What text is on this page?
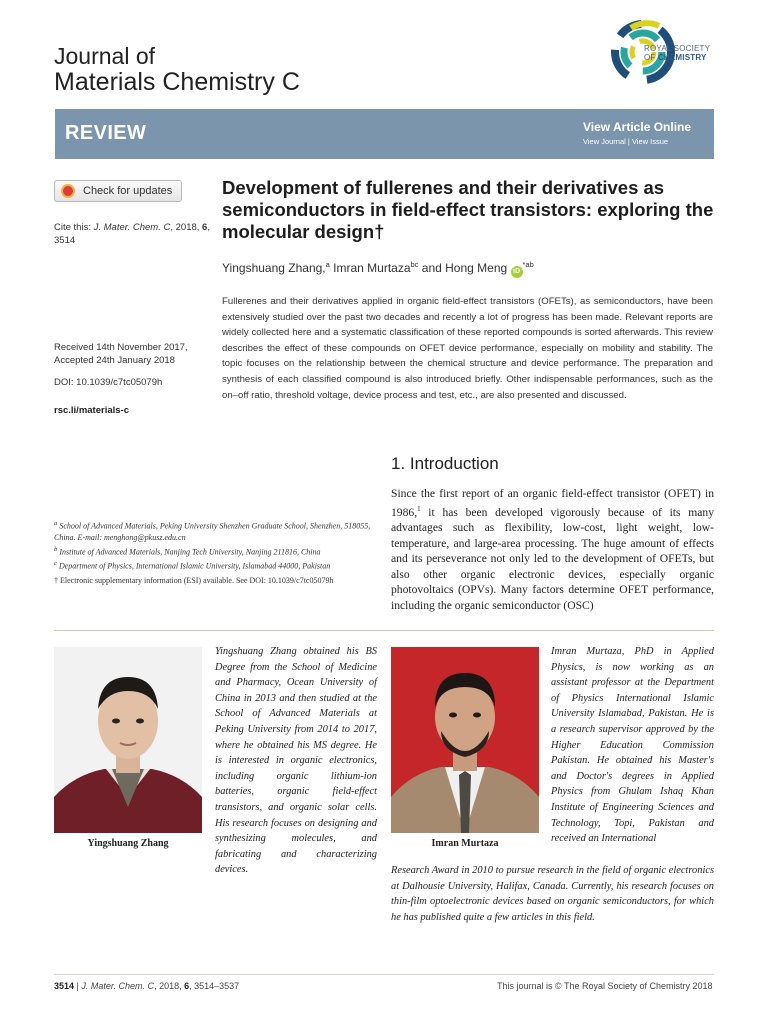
Journal of
Materials Chemistry C
ROYAL SOCIETY
OF CHEMISTRY
REVIEW	View Article Online
View Journal | View Issue
Check for updates
Cite this: J. Mater. Chem. C, 2018, 6, 3514
Received 14th November 2017,
Accepted 24th January 2018
DOI: 10.1039/c7tc05079h
rsc.li/materials-c
Development of fullerenes and their derivatives as semiconductors in field-effect transistors: exploring the molecular design†
Yingshuang Zhang,$^a$ Imran Murtaza$^{bc}$ and Hong Meng $iD^{*ab}$
Fullerenes and their derivatives applied in organic field-effect transistors (OFETs), as semiconductors, have been extensively studied over the past two decades and recently a lot of progress has been made. Relevant reports are widely collected here and a systematic classification of these reported compounds is sorted afterwards. This review describes the effect of these compounds on OFET device performance, especially on mobility and stability. The topic focuses on the relationship between the chemical structure and device performance. The preparation and synthesis of each classified compound is also introduced briefly. Other indispensable performances, such as the on–off ratio, threshold voltage, device process and test, etc., are also presented and discussed.
1. Introduction
Since the first report of an organic field-effect transistor (OFET) in 1986,$^1$ it has been developed vigorously because of its many advantages such as flexibility, low-cost, light weight, low-temperature, and large-area processing. The huge amount of effects and its perseverance not only led to the development of OFETs, but also other organic electronic devices, especially organic photovoltaics (OPVs). Many factors determine OFET performance, including the organic semiconductor (OSC)
$^a$ School of Advanced Materials, Peking University Shenzhen Graduate School, Shenzhen, 518055, China. E-mail: menghong@pkusz.edu.cn
$^b$ Institute of Advanced Materials, Nanjing Tech University, Nanjing 211816, China
$^c$ Department of Physics, International Islamic University, Islamabad 44000, Pakistan
† Electronic supplementary information (ESI) available. See DOI: 10.1039/c7tc05079h
Yingshuang Zhang
Yingshuang Zhang obtained his BS Degree from the School of Medicine and Pharmacy, Ocean University of China in 2013 and then studied at the School of Advanced Materials at Peking University from 2014 to 2017, where he obtained his MS degree. He is interested in organic electronics, including organic lithium-ion batteries, organic field-effect transistors, and organic solar cells. His research focuses on designing and synthesizing molecules, and fabricating and characterizing devices.
Imran Murtaza
Imran Murtaza, PhD in Applied Physics, is now working as an assistant professor at the Department of Physics International Islamic University Islamabad, Pakistan. He is a research supervisor approved by the Higher Education Commission Pakistan. He obtained his Master's and Doctor's degrees in Applied Physics from Ghulam Ishaq Khan Institute of Engineering Sciences and Technology, Topi, Pakistan and received an International
Research Award in 2010 to pursue research in the field of organic electronics at Dalhousie University, Halifax, Canada. Currently, his research focuses on thin-film optoelectronic devices based on organic semiconductors, for which he has published quite a few articles in this field.
3514 | J. Mater. Chem. C, 2018, 6, 3514–3537	This journal is © The Royal Society of Chemistry 2018
